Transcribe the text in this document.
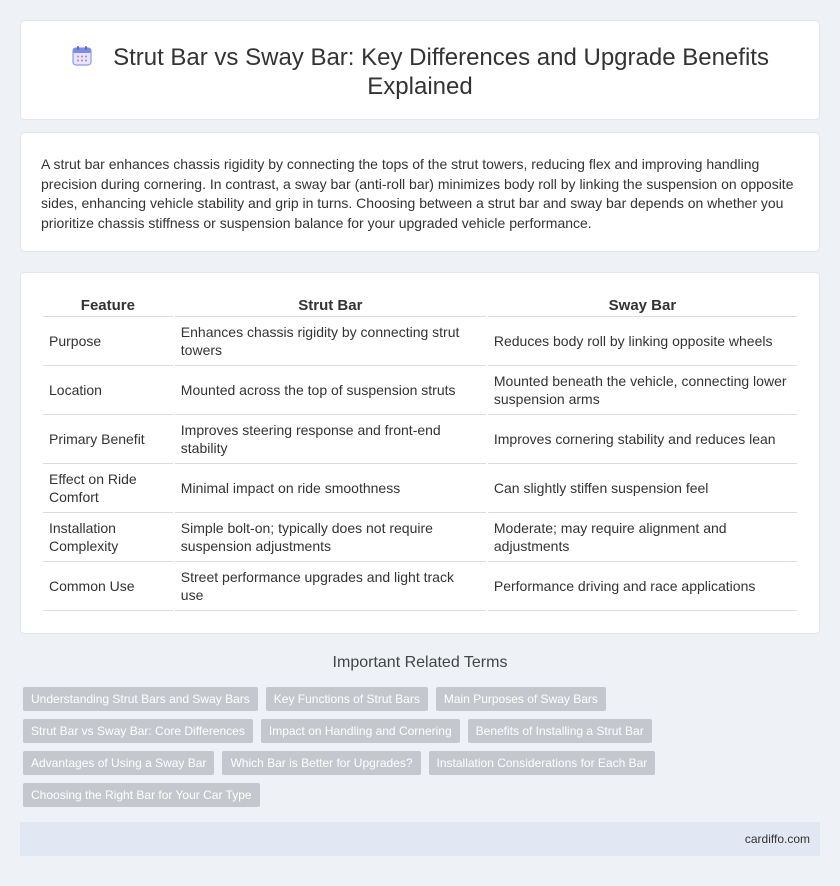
Strut Bar vs Sway Bar: Key Differences and Upgrade Benefits Explained

A strut bar enhances chassis rigidity by connecting the tops of the strut towers, reducing flex and improving handling precision during cornering. In contrast, a sway bar (anti-roll bar) minimizes body roll by linking the suspension on opposite sides, enhancing vehicle stability and grip in turns. Choosing between a strut bar and sway bar depends on whether you prioritize chassis stiffness or suspension balance for your upgraded vehicle performance.

Feature	Strut Bar	Sway Bar
Purpose	Enhances chassis rigidity by connecting strut towers	Reduces body roll by linking opposite wheels
Location	Mounted across the top of suspension struts	Mounted beneath the vehicle, connecting lower suspension arms
Primary Benefit	Improves steering response and front-end stability	Improves cornering stability and reduces lean
Effect on Ride Comfort	Minimal impact on ride smoothness	Can slightly stiffen suspension feel
Installation Complexity	Simple bolt-on; typically does not require suspension adjustments	Moderate; may require alignment and adjustments
Common Use	Street performance upgrades and light track use	Performance driving and race applications
Important Related Terms
Understanding Strut Bars and Sway Bars	Key Functions of Strut Bars	Main Purposes of Sway Bars
Strut Bar vs Sway Bar: Core Differences	Impact on Handling and Cornering	Benefits of Installing a Strut Bar
Advantages of Using a Sway Bar	Which Bar is Better for Upgrades?	Installation Considerations for Each Bar
Choosing the Right Bar for Your Car Type
cardiffo.com
